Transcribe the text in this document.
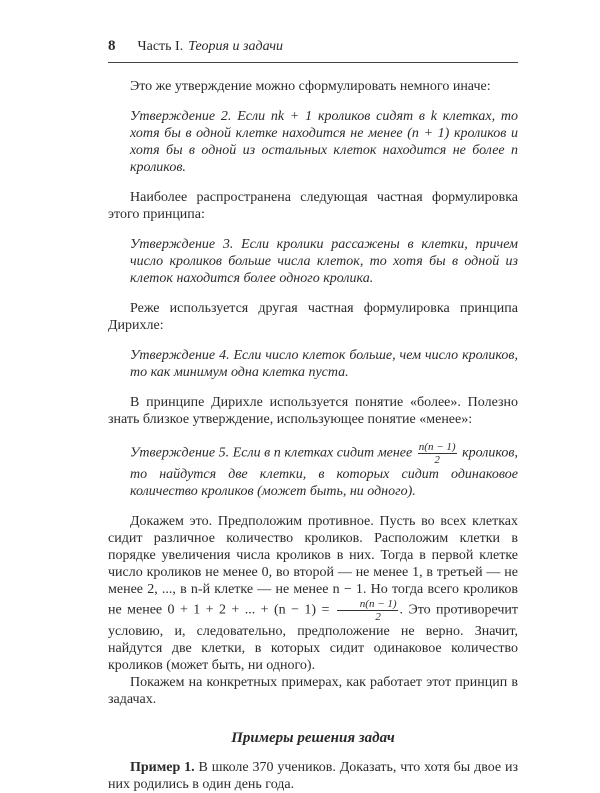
8 Часть I. Теория и задачи

Это же утверждение можно сформулировать немного иначе:

Утверждение 2. Если nk + 1 кроликов сидят в k клетках, то хотя бы в одной клетке находится не менее (n + 1) кроликов и хотя бы в одной из остальных клеток находится не более n кроликов.

Наиболее распространена следующая частная формулировка этого принципа:

Утверждение 3. Если кролики рассажены в клетки, причем число кроликов больше числа клеток, то хотя бы в одной из клеток находится более одного кролика.

Реже используется другая частная формулировка принципа Дирихле:

Утверждение 4. Если число клеток больше, чем число кроликов, то как минимум одна клетка пуста.

В принципе Дирихле используется понятие «более». Полезно знать близкое утверждение, использующее понятие «менее»:

Утверждение 5. Если в n клетках сидит менее $\frac{n(n - 1)}{2}$ кроликов, то найдутся две клетки, в которых сидит одинаковое количество кроликов (может быть, ни одного).

Докажем это. Предположим противное. Пусть во всех клетках сидит различное количество кроликов. Расположим клетки в порядке увеличения числа кроликов в них. Тогда в первой клетке число кроликов не менее 0, во второй — не менее 1, в третьей — не менее 2, ..., в n-й клетке — не менее n − 1. Но тогда всего кроликов не менее 0 + 1 + 2 + ... + $(n - 1) = \frac{n(n - 1)}{2}$ . Это противоречит условию, и, следовательно, предположение не верно. Значит, найдутся две клетки, в которых сидит одинаковое количество кроликов (может быть, ни одного).

Покажем на конкретных примерах, как работает этот принцип в задачах.

Примеры решения задач

Пример 1. В школе 370 учеников. Доказать, что хотя бы двое из них родились в один день года.
